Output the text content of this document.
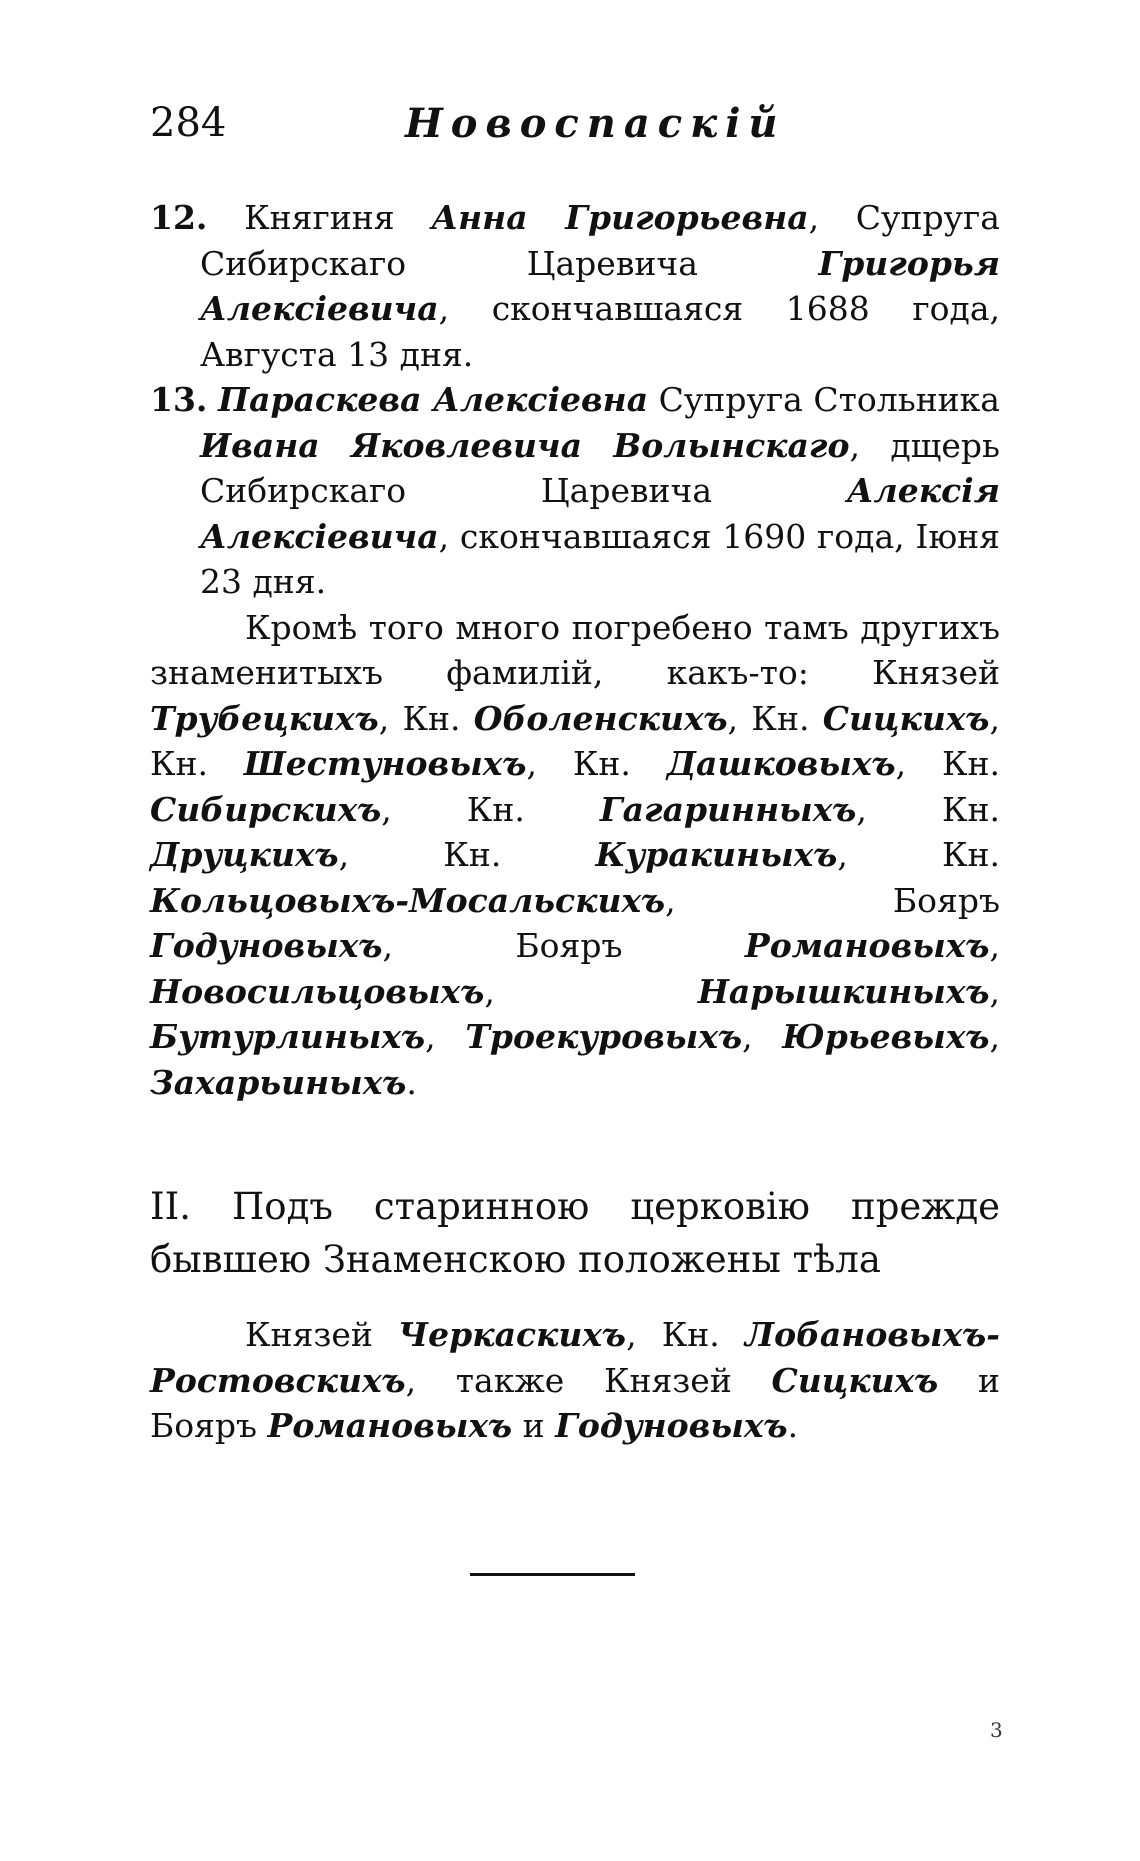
284	Новоспаскій

12. Княгиня Анна Григорьевна, Супруга Сибирскаго Царевича Григорья Алексіевича, скончавшаяся 1688 года, Августа 13 дня.

13. Параскева Алексіевна Супруга Стольника Ивана Яковлевича Волынскаго, дщерь Сибирскаго Царевича Алексія Алексіевича, скончавшаяся 1690 года, Іюня 23 дня.

Кромѣ того много погребено тамъ другихъ знаменитыхъ фамилій, какъ-то: Князей Трубецкихъ, Кн. Оболенскихъ, Кн. Сицкихъ, Кн. Шестуновыхъ, Кн. Дашковыхъ, Кн. Сибирскихъ, Кн. Гагаринныхъ, Кн. Друцкихъ, Кн. Куракиныхъ, Кн. Кольцовыхъ-Мосальскихъ, Бояръ Годуновыхъ, Бояръ Романовыхъ, Новосильцовыхъ, Нарышкиныхъ, Бутурлиныхъ, Троекуровыхъ, Юрьевыхъ, Захарьиныхъ.

II. Подъ старинною церковію прежде бывшею Знаменскою положены тѣла

Князей Черкаскихъ, Кн. Лобановыхъ-Ростовскихъ, также Князей Сицкихъ и Бояръ Романовыхъ и Годуновыхъ.

3
